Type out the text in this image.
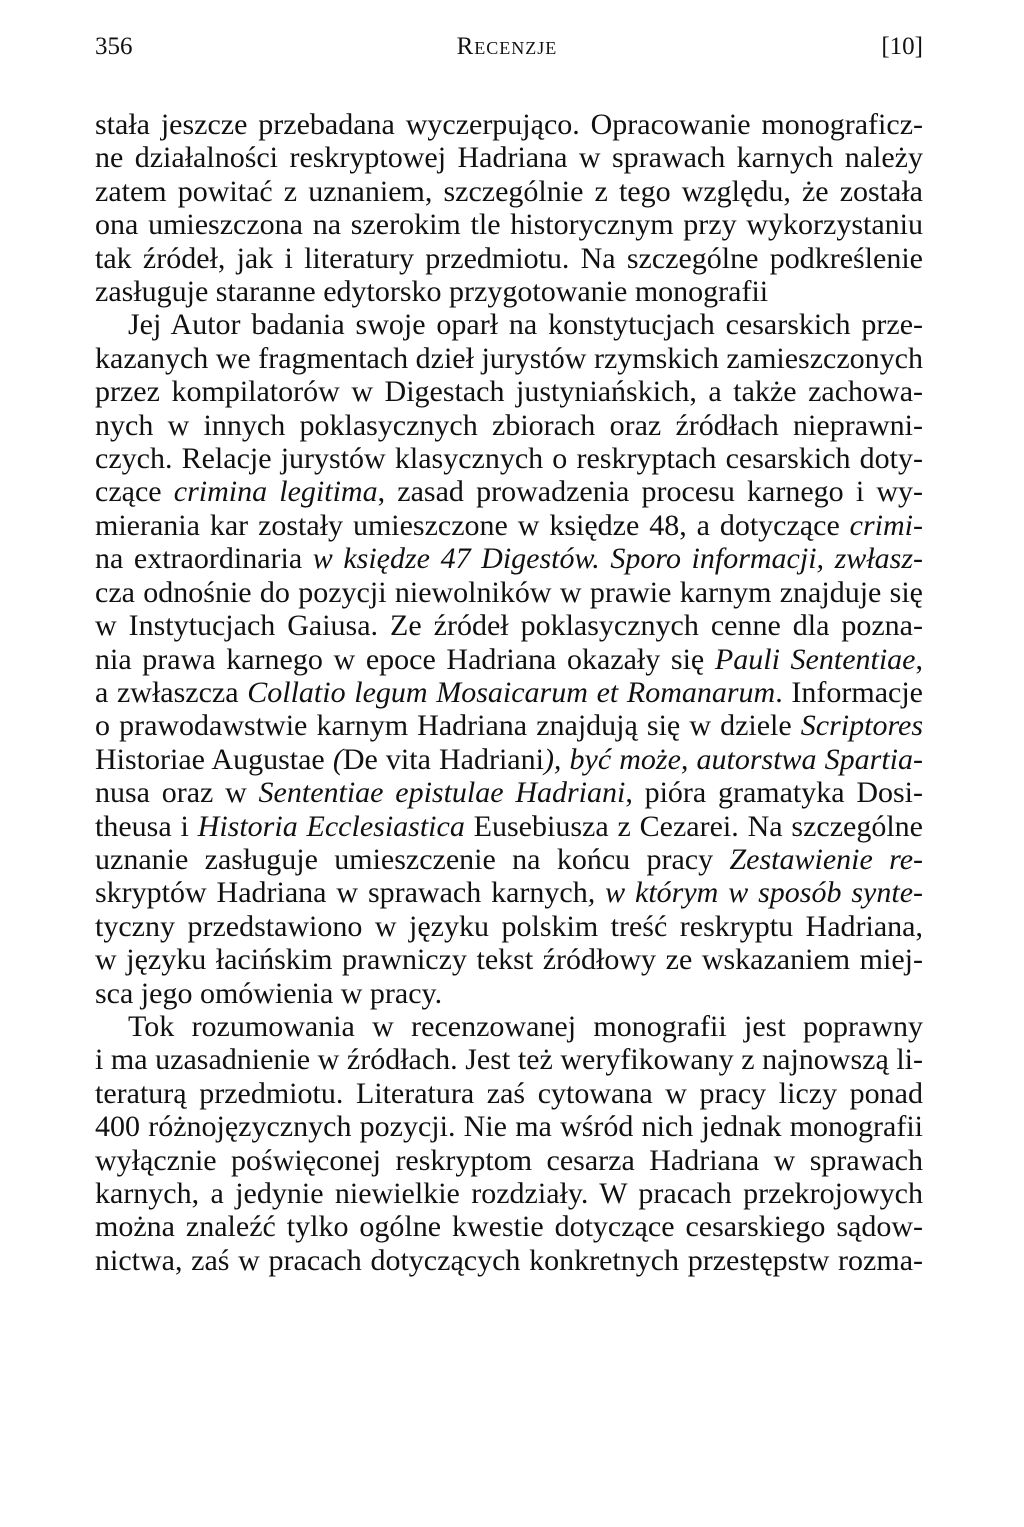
356	Recenzje	[10]
stała jeszcze przebadana wyczerpująco. Opracowanie monograficz-
ne działalności reskryptowej Hadriana w sprawach karnych należy
zatem powitać z uznaniem, szczególnie z tego względu, że została
ona umieszczona na szerokim tle historycznym przy wykorzystaniu
tak źródeł, jak i literatury przedmiotu. Na szczególne podkreślenie
zasługuje staranne edytorsko przygotowanie monografii
Jej Autor badania swoje oparł na konstytucjach cesarskich prze-
kazanych we fragmentach dzieł jurystów rzymskich zamieszczonych
przez kompilatorów w Digestach justyniańskich, a także zachowa-
nych w innych poklasycznych zbiorach oraz źródłach nieprawni-
czych. Relacje jurystów klasycznych o reskryptach cesarskich doty-
czące crimina legitima, zasad prowadzenia procesu karnego i wy-
mierania kar zostały umieszczone w księdze 48, a dotyczące crimi-
na extraordinaria w księdze 47 Digestów. Sporo informacji, zwłasz-
cza odnośnie do pozycji niewolników w prawie karnym znajduje się
w Instytucjach Gaiusa. Ze źródeł poklasycznych cenne dla pozna-
nia prawa karnego w epoce Hadriana okazały się Pauli Sententiae,
a zwłaszcza Collatio legum Mosaicarum et Romanarum. Informacje
o prawodawstwie karnym Hadriana znajdują się w dziele Scriptores
Historiae Augustae (De vita Hadriani), być może, autorstwa Spartia-
nusa oraz w Sententiae epistulae Hadriani, pióra gramatyka Dosi-
theusa i Historia Ecclesiastica Eusebiusza z Cezarei. Na szczególne
uznanie zasługuje umieszczenie na końcu pracy Zestawienie re-
skryptów Hadriana w sprawach karnych, w którym w sposób synte-
tyczny przedstawiono w języku polskim treść reskryptu Hadriana,
w języku łacińskim prawniczy tekst źródłowy ze wskazaniem miej-
sca jego omówienia w pracy.
Tok rozumowania w recenzowanej monografii jest poprawny
i ma uzasadnienie w źródłach. Jest też weryfikowany z najnowszą li-
teraturą przedmiotu. Literatura zaś cytowana w pracy liczy ponad
400 różnojęzycznych pozycji. Nie ma wśród nich jednak monografii
wyłącznie poświęconej reskryptom cesarza Hadriana w sprawach
karnych, a jedynie niewielkie rozdziały. W pracach przekrojowych
można znaleźć tylko ogólne kwestie dotyczące cesarskiego sądow-
nictwa, zaś w pracach dotyczących konkretnych przestępstw rozma-
